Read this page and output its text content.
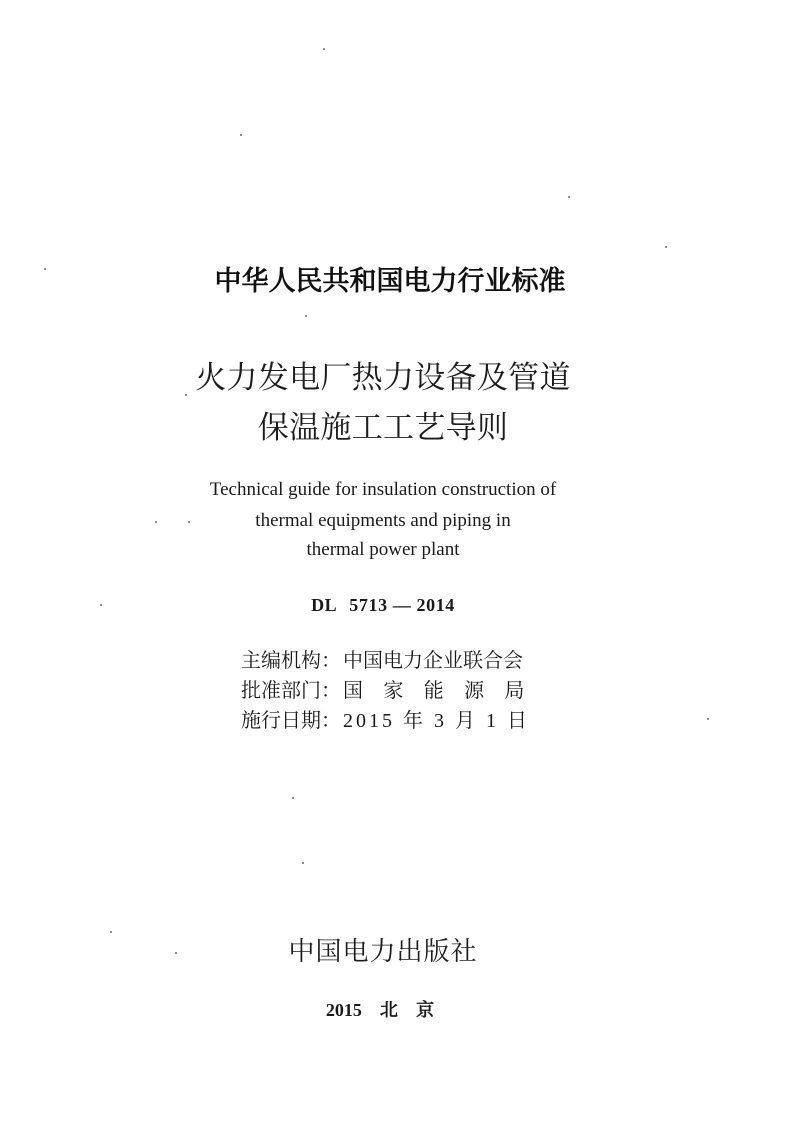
中华人民共和国电力行业标准
火力发电厂热力设备及管道
保温施工工艺导则
Technical guide for insulation construction of
thermal equipments and piping in
thermal power plant
DL 5713 — 2014
主编机构： 中国电力企业联合会
批准部门： 国 家 能 源 局
施行日期： 2015 年 3 月 1 日
中国电力出版社
2015 北 京
